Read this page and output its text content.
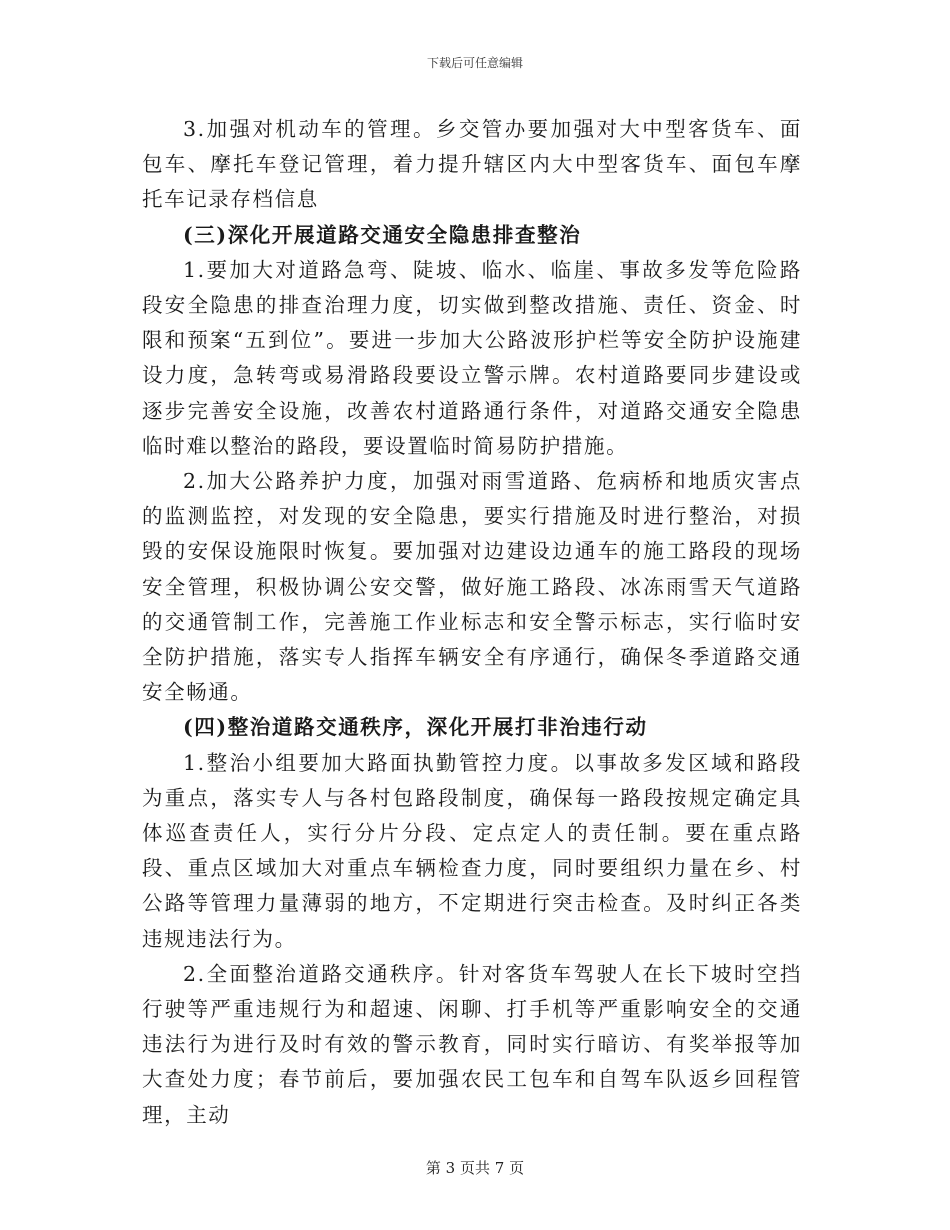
下载后可任意编辑

3.加强对机动车的管理。乡交管办要加强对大中型客货车、面包车、摩托车登记管理，着力提升辖区内大中型客货车、面包车摩托车记录存档信息

(三)深化开展道路交通安全隐患排查整治

1.要加大对道路急弯、陡坡、临水、临崖、事故多发等危险路段安全隐患的排查治理力度，切实做到整改措施、责任、资金、时限和预案“五到位”。要进一步加大公路波形护栏等安全防护设施建设力度，急转弯或易滑路段要设立警示牌。农村道路要同步建设或逐步完善安全设施，改善农村道路通行条件，对道路交通安全隐患临时难以整治的路段，要设置临时简易防护措施。

2.加大公路养护力度，加强对雨雪道路、危病桥和地质灾害点的监测监控，对发现的安全隐患，要实行措施及时进行整治，对损毁的安保设施限时恢复。要加强对边建设边通车的施工路段的现场安全管理，积极协调公安交警，做好施工路段、冰冻雨雪天气道路的交通管制工作，完善施工作业标志和安全警示标志，实行临时安全防护措施，落实专人指挥车辆安全有序通行，确保冬季道路交通安全畅通。

(四)整治道路交通秩序，深化开展打非治违行动

1.整治小组要加大路面执勤管控力度。以事故多发区域和路段为重点，落实专人与各村包路段制度，确保每一路段按规定确定具体巡查责任人，实行分片分段、定点定人的责任制。要在重点路段、重点区域加大对重点车辆检查力度，同时要组织力量在乡、村公路等管理力量薄弱的地方，不定期进行突击检查。及时纠正各类违规违法行为。

2.全面整治道路交通秩序。针对客货车驾驶人在长下坡时空挡行驶等严重违规行为和超速、闲聊、打手机等严重影响安全的交通违法行为进行及时有效的警示教育，同时实行暗访、有奖举报等加大查处力度；春节前后，要加强农民工包车和自驾车队返乡回程管理，主动

第 3 页共 7 页
